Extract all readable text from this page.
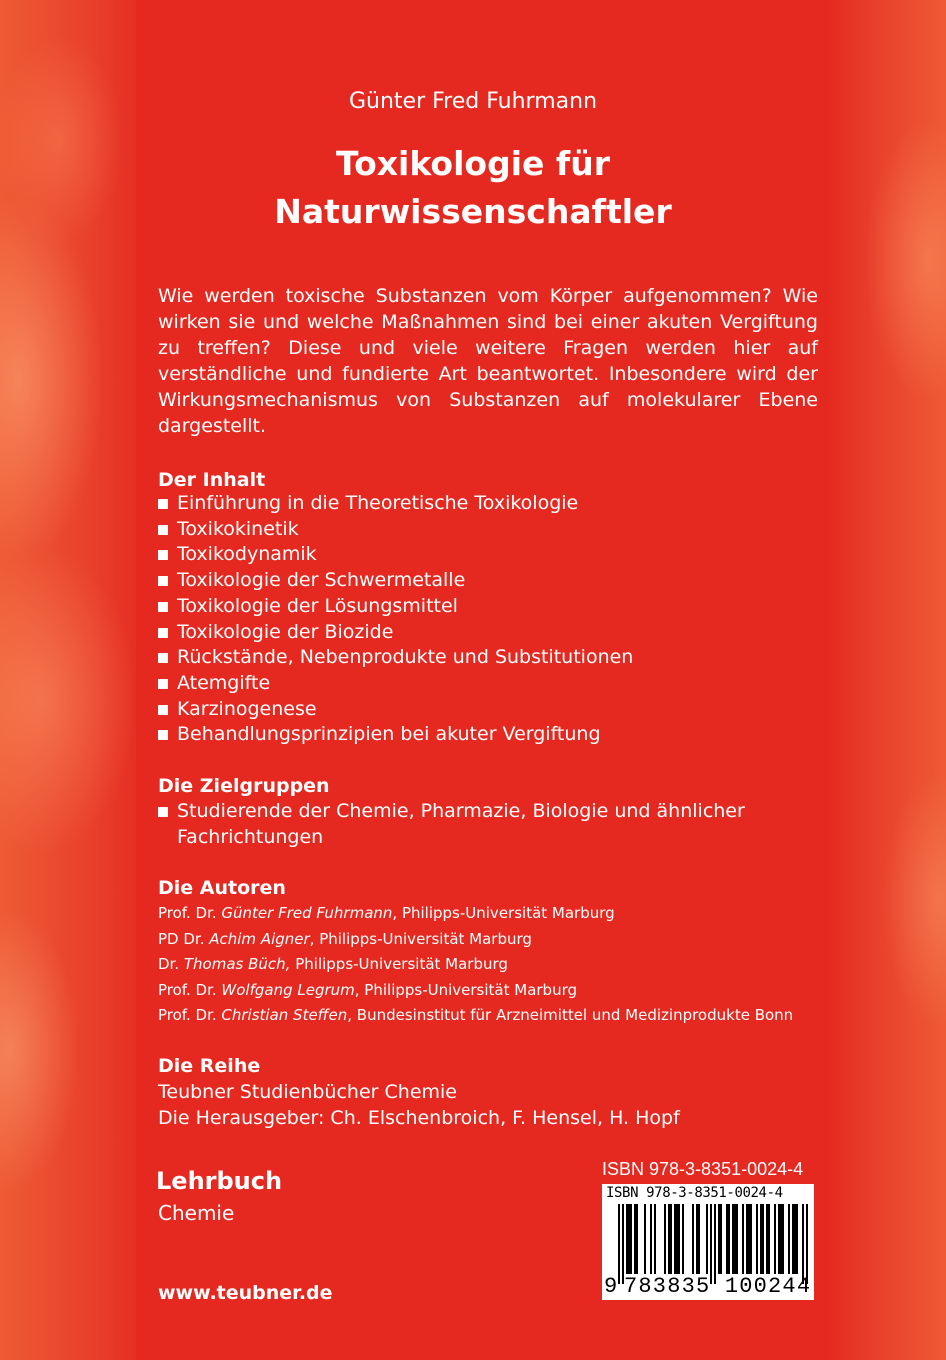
Günter Fred Fuhrmann
Toxikologie für
Naturwissenschaftler
Wie werden toxische Substanzen vom Körper aufgenommen? Wie wirken sie und welche Maßnahmen sind bei einer akuten Vergiftung zu treffen? Diese und viele weitere Fragen werden hier auf verständliche und fundierte Art beantwortet. Inbesondere wird der Wirkungsmechanismus von Substanzen auf molekularer Ebene dargestellt.
Der Inhalt
Einführung in die Theoretische Toxikologie
Toxikokinetik
Toxikodynamik
Toxikologie der Schwermetalle
Toxikologie der Lösungsmittel
Toxikologie der Biozide
Rückstände, Nebenprodukte und Substitutionen
Atemgifte
Karzinogenese
Behandlungsprinzipien bei akuter Vergiftung
Die Zielgruppen
Studierende der Chemie, Pharmazie, Biologie und ähnlicher Fachrichtungen
Die Autoren
Prof. Dr. Günter Fred Fuhrmann, Philipps-Universität Marburg
PD Dr. Achim Aigner, Philipps-Universität Marburg
Dr. Thomas Büch, Philipps-Universität Marburg
Prof. Dr. Wolfgang Legrum, Philipps-Universität Marburg
Prof. Dr. Christian Steffen, Bundesinstitut für Arzneimittel und Medizinprodukte Bonn
Die Reihe
Teubner Studienbücher Chemie
Die Herausgeber: Ch. Elschenbroich, F. Hensel, H. Hopf
Lehrbuch
Chemie
www.teubner.de
ISBN 978-3-8351-0024-4
ISBN 978-3-8351-0024-4
9 783835 100244
